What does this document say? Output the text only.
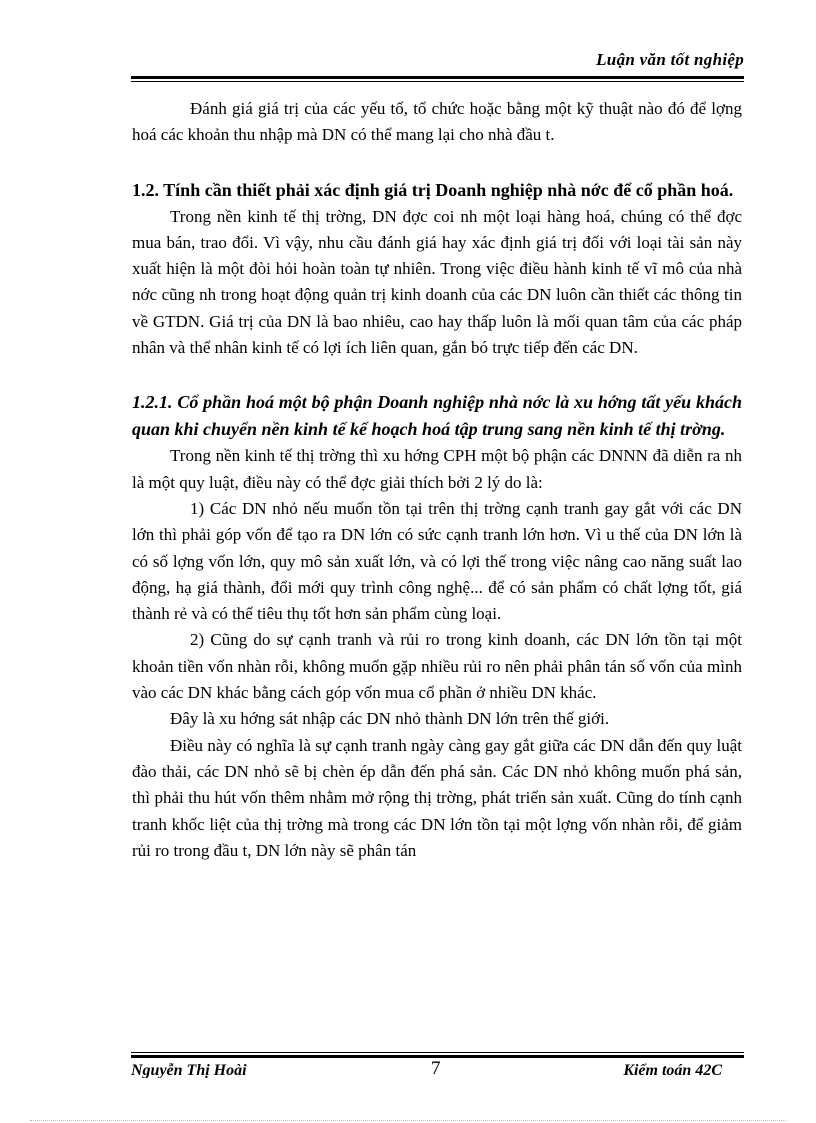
Luận văn tốt nghiệp

Đánh giá giá trị của các yếu tố, tổ chức hoặc bằng một kỹ thuật nào đó để lợng hoá các khoản thu nhập mà DN có thể mang lại cho nhà đầu t.

1.2. Tính cần thiết phải xác định giá trị Doanh nghiệp nhà nớc để cổ phần hoá.

Trong nền kinh tế thị trờng, DN đợc coi nh một loại hàng hoá, chúng có thể đợc mua bán, trao đổi. Vì vậy, nhu cầu đánh giá hay xác định giá trị đối với loại tài sản này xuất hiện là một đòi hỏi hoàn toàn tự nhiên. Trong việc điều hành kinh tế vĩ mô của nhà nớc cũng nh trong hoạt động quản trị kinh doanh của các DN luôn cần thiết các thông tin về GTDN. Giá trị của DN là bao nhiêu, cao hay thấp luôn là mối quan tâm của các pháp nhân và thể nhân kinh tế có lợi ích liên quan, gắn bó trực tiếp đến các DN.

1.2.1. Cổ phần hoá một bộ phận Doanh nghiệp nhà nớc là xu hớng tất yếu khách quan khi chuyển nền kinh tế kế hoạch hoá tập trung sang nền kinh tế thị trờng.

Trong nền kinh tế thị trờng thì xu hớng CPH một bộ phận các DNNN đã diễn ra nh là một quy luật, điều này có thể đợc giải thích bởi 2 lý do là:

1) Các DN nhỏ nếu muốn tồn tại trên thị trờng cạnh tranh gay gắt với các DN lớn thì phải góp vốn để tạo ra DN lớn có sức cạnh tranh lớn hơn. Vì u thế của DN lớn là có số lợng vốn lớn, quy mô sản xuất lớn, và có lợi thế trong việc nâng cao năng suất lao động, hạ giá thành, đổi mới quy trình công nghệ... để có sản phẩm có chất lợng tốt, giá thành rẻ và có thể tiêu thụ tốt hơn sản phẩm cùng loại.

2) Cũng do sự cạnh tranh và rủi ro trong kinh doanh, các DN lớn tồn tại một khoản tiền vốn nhàn rỗi, không muốn gặp nhiều rủi ro nên phải phân tán số vốn của mình vào các DN khác bằng cách góp vốn mua cổ phần ở nhiều DN khác.

Đây là xu hớng sát nhập các DN nhỏ thành DN lớn trên thế giới.

Điều này có nghĩa là sự cạnh tranh ngày càng gay gắt giữa các DN dẫn đến quy luật đào thải, các DN nhỏ sẽ bị chèn ép dẫn đến phá sản. Các DN nhỏ không muốn phá sản, thì phải thu hút vốn thêm nhằm mở rộng thị trờng, phát triển sản xuất. Cũng do tính cạnh tranh khốc liệt của thị trờng mà trong các DN lớn tồn tại một lợng vốn nhàn rỗi, để giảm rủi ro trong đầu t, DN lớn này sẽ phân tán

Nguyễn Thị Hoài	7	Kiểm toán 42C
